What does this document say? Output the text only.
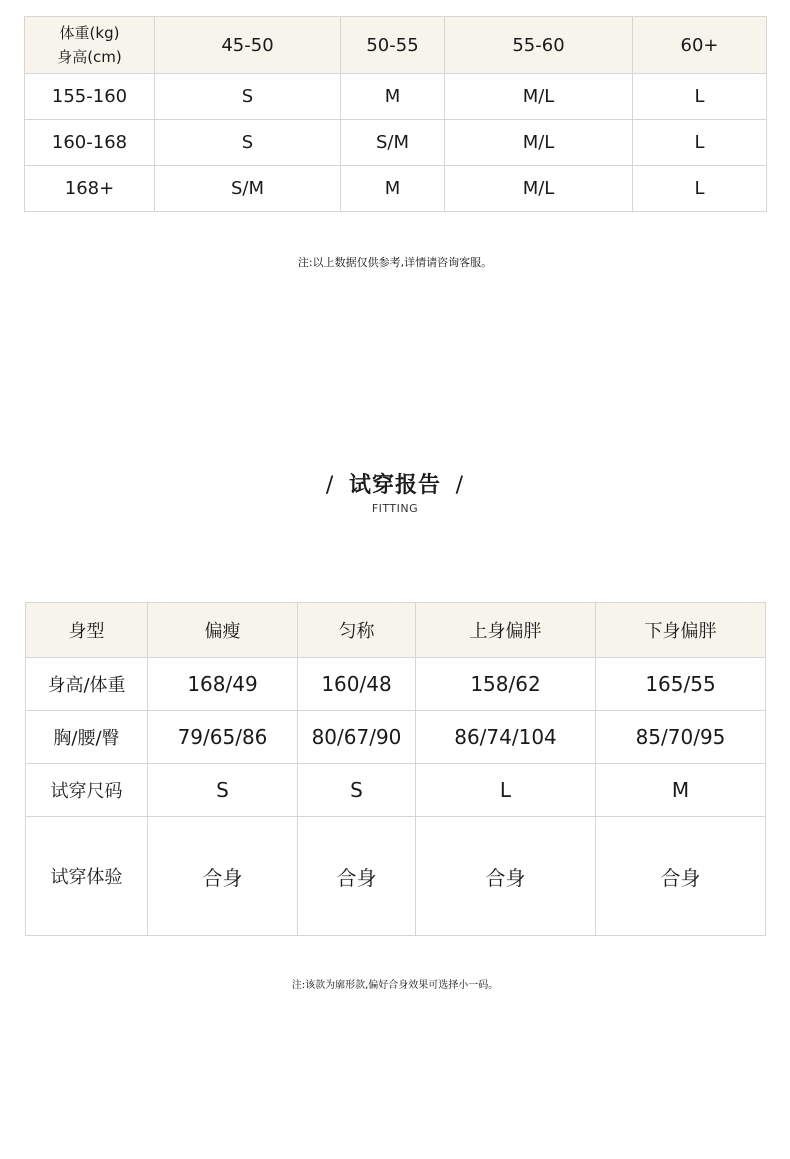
体重(kg)
身高(cm)	45-50	50-55	55-60	60+
155-160	S	M	M/L	L
160-168	S	S/M	M/L	L
168+	S/M	M	M/L	L
注:以上数据仅供参考,详情请咨询客服。
/ 试穿报告 /
FITTING
身型	偏瘦	匀称	上身偏胖	下身偏胖
身高/体重	168/49	160/48	158/62	165/55
胸/腰/臀	79/65/86	80/67/90	86/74/104	85/70/95
试穿尺码	S	S	L	M
试穿体验	合身	合身	合身	合身
注:该款为廓形款,偏好合身效果可选择小一码。
